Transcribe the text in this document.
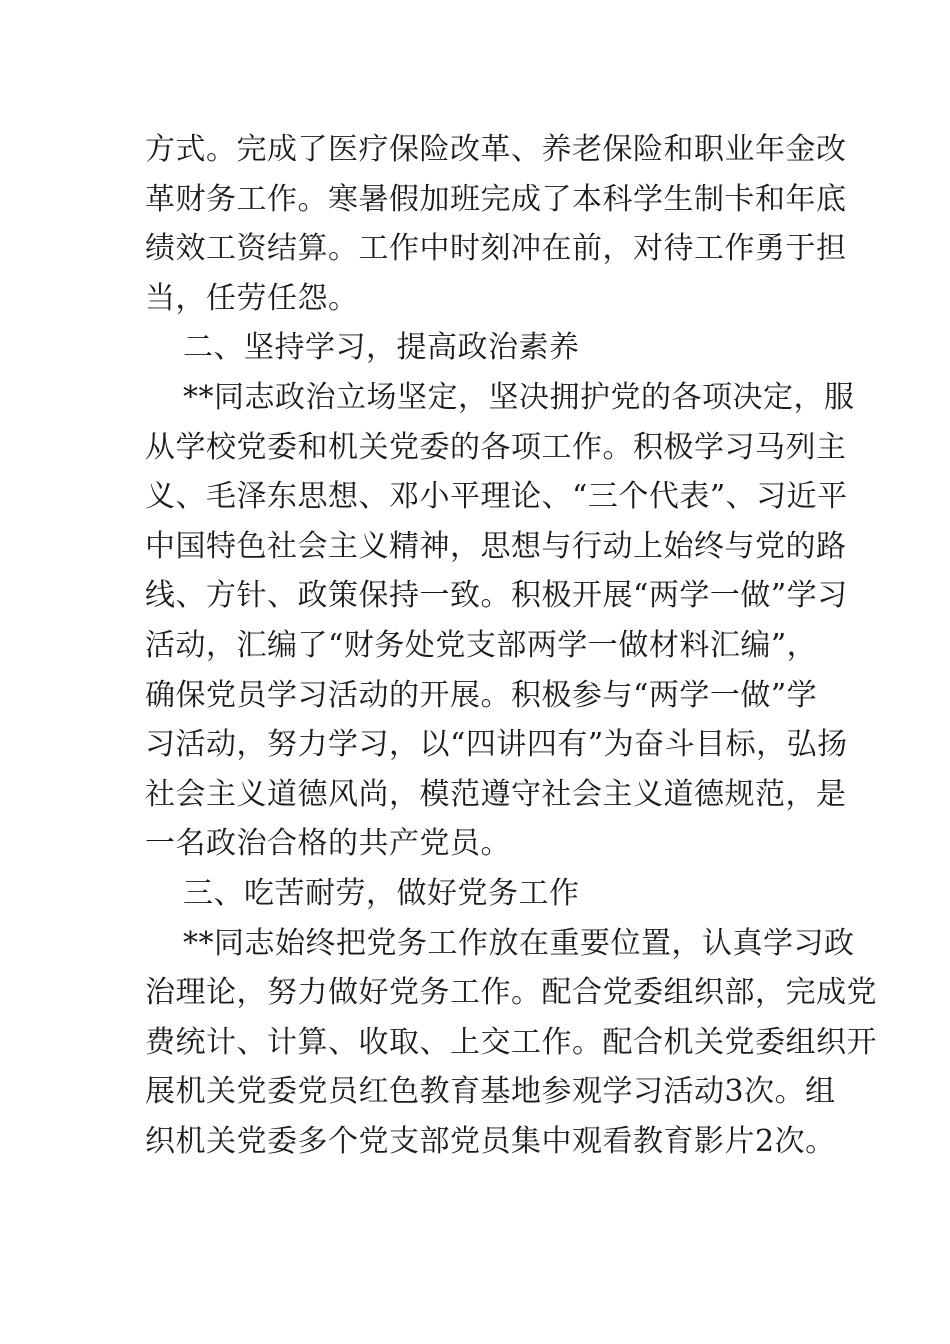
方式。完成了医疗保险改革、养老保险和职业年金改
革财务工作。寒暑假加班完成了本科学生制卡和年底
绩效工资结算。工作中时刻冲在前，对待工作勇于担
当，任劳任怨。
二、坚持学习，提高政治素养
**同志政治立场坚定，坚决拥护党的各项决定，服
从学校党委和机关党委的各项工作。积极学习马列主
义、毛泽东思想、邓小平理论、“三个代表”、习近平
中国特色社会主义精神，思想与行动上始终与党的路
线、方针、政策保持一致。积极开展“两学一做”学习
活动，汇编了“财务处党支部两学一做材料汇编”，
确保党员学习活动的开展。积极参与“两学一做”学
习活动，努力学习，以“四讲四有”为奋斗目标，弘扬
社会主义道德风尚，模范遵守社会主义道德规范，是
一名政治合格的共产党员。
三、吃苦耐劳，做好党务工作
**同志始终把党务工作放在重要位置，认真学习政
治理论，努力做好党务工作。配合党委组织部，完成党
费统计、计算、收取、上交工作。配合机关党委组织开
展机关党委党员红色教育基地参观学习活动3次。组
织机关党委多个党支部党员集中观看教育影片2次。
